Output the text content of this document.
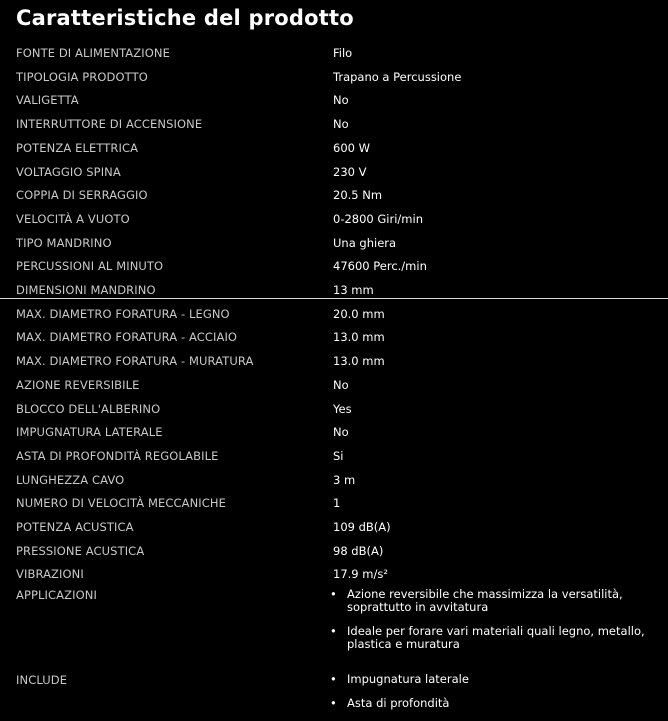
Caratteristiche del prodotto
FONTE DI ALIMENTAZIONE	Filo
TIPOLOGIA PRODOTTO	Trapano a Percussione
VALIGETTA	No
INTERRUTTORE DI ACCENSIONE	No
POTENZA ELETTRICA	600 W
VOLTAGGIO SPINA	230 V
COPPIA DI SERRAGGIO	20.5 Nm
VELOCITÀ A VUOTO	0-2800 Giri/min
TIPO MANDRINO	Una ghiera
PERCUSSIONI AL MINUTO	47600 Perc./min
DIMENSIONI MANDRINO	13 mm
MAX. DIAMETRO FORATURA - LEGNO	20.0 mm
MAX. DIAMETRO FORATURA - ACCIAIO	13.0 mm
MAX. DIAMETRO FORATURA - MURATURA	13.0 mm
AZIONE REVERSIBILE	No
BLOCCO DELL'ALBERINO	Yes
IMPUGNATURA LATERALE	No
ASTA DI PROFONDITÀ REGOLABILE	Si
LUNGHEZZA CAVO	3 m
NUMERO DI VELOCITÀ MECCANICHE	1
POTENZA ACUSTICA	109 dB(A)
PRESSIONE ACUSTICA	98 dB(A)
VIBRAZIONI	17.9 m/s²
APPLICAZIONI	• Azione reversibile che massimizza la versatilità, soprattutto in avvitatura
• Ideale per forare vari materiali quali legno, metallo, plastica e muratura
INCLUDE	• Impugnatura laterale
• Asta di profondità
